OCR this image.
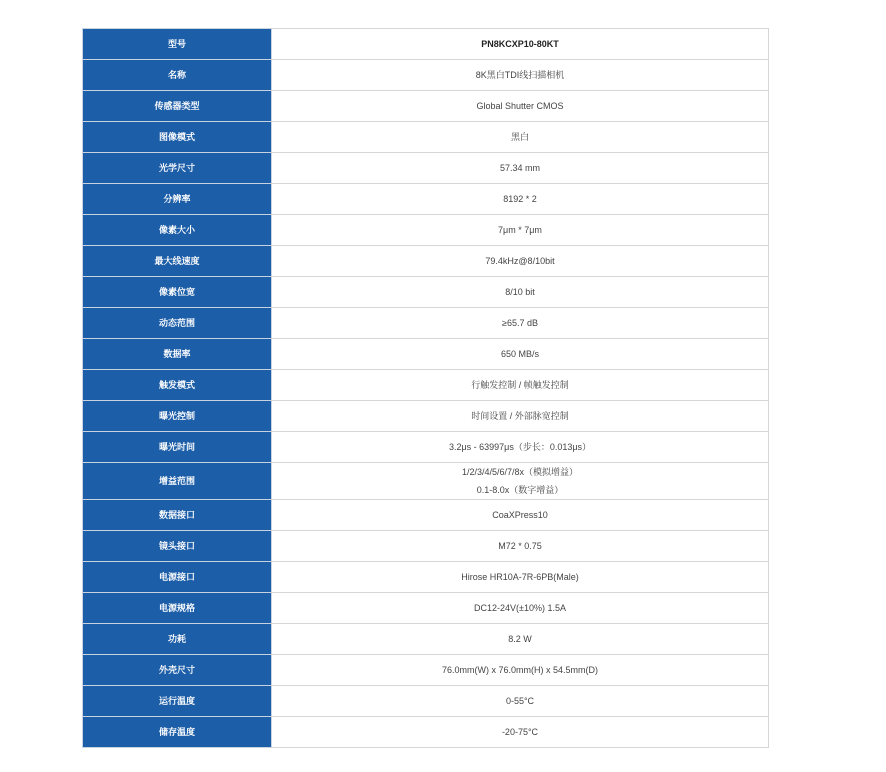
型号	PN8KCXP10-80KT
名称	8K黑白TDI线扫描相机
传感器类型	Global Shutter CMOS
图像模式	黑白
光学尺寸	57.34 mm
分辨率	8192 * 2
像素大小	7μm * 7μm
最大线速度	79.4kHz@8/10bit
像素位宽	8/10 bit
动态范围	≥65.7 dB
数据率	650 MB/s
触发模式	行触发控制 / 帧触发控制
曝光控制	时间设置 / 外部脉宽控制
曝光时间	3.2μs - 63997μs（步长：0.013μs）
增益范围	1/2/3/4/5/6/7/8x（模拟增益）
0.1-8.0x（数字增益）

数据接口	CoaXPress10
镜头接口	M72 * 0.75
电源接口	Hirose HR10A-7R-6PB(Male)
电源规格	DC12-24V(±10%) 1.5A
功耗	8.2 W
外壳尺寸	76.0mm(W) x 76.0mm(H) x 54.5mm(D)
运行温度	0-55°C
储存温度	-20-75°C
